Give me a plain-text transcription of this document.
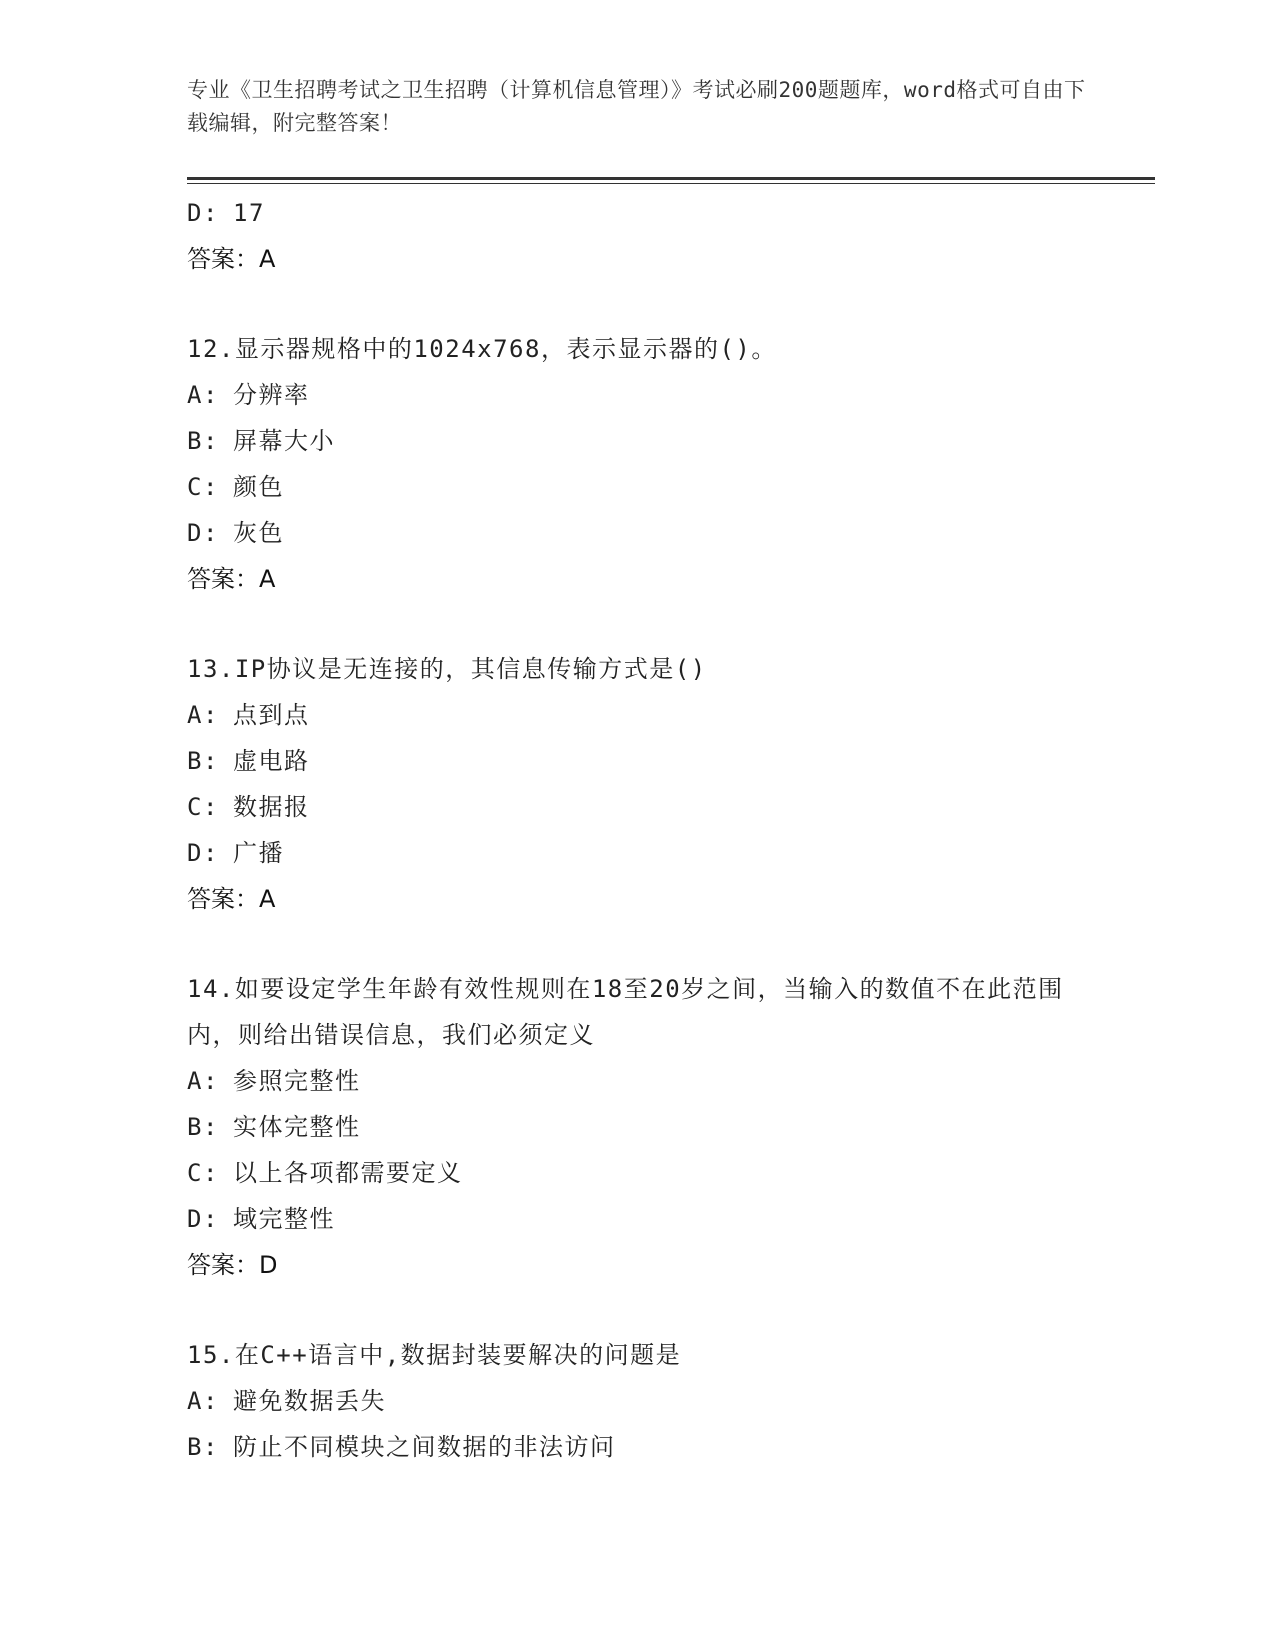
专业《卫生招聘考试之卫生招聘（计算机信息管理）》考试必刷200题题库，word格式可自由下载编辑，附完整答案！
D: 17
答案：A
12.显示器规格中的1024x768，表示显示器的()。
A: 分辨率
B: 屏幕大小
C: 颜色
D: 灰色
答案：A
13.IP协议是无连接的，其信息传输方式是()
A: 点到点
B: 虚电路
C: 数据报
D: 广播
答案：A
14.如要设定学生年龄有效性规则在18至20岁之间，当输入的数值不在此范围内，则给出错误信息，我们必须定义
A: 参照完整性
B: 实体完整性
C: 以上各项都需要定义
D: 域完整性
答案：D
15.在C++语言中,数据封装要解决的问题是
A: 避免数据丢失
B: 防止不同模块之间数据的非法访问
